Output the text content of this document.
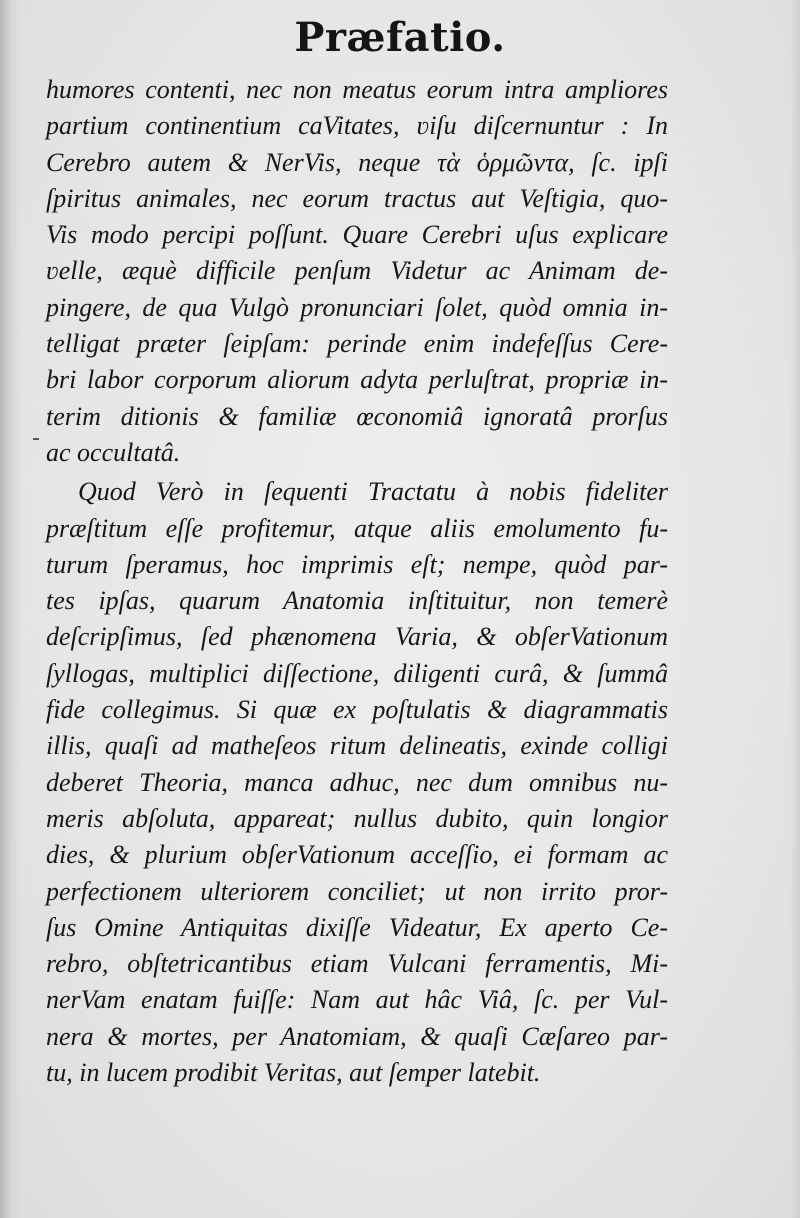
Præfatio.
humores contenti, nec non meatus eorum intra ampliores
partium continentium caVitates, ʋiſu diſcernuntur : In
Cerebro autem & NerVis, neque τὰ ὁρμῶντα, ſc. ipſi
ſpiritus animales, nec eorum tractus aut Veſtigia, quo-
Vis modo percipi poſſunt. Quare Cerebri uſus explicare
ʋelle, æquè difficile penſum Videtur ac Animam de-
pingere, de qua Vulgò pronunciari ſolet, quòd omnia in-
telligat præter ſeipſam: perinde enim indefeſſus Cere-
bri labor corporum aliorum adyta perluſtrat, propriæ in-
terim ditionis & familiæ œconomiâ ignoratâ prorſus
ac occultatâ.
Quod Verò in ſequenti Tractatu à nobis fideliter
præſtitum eſſe profitemur, atque aliis emolumento fu-
turum ſperamus, hoc imprimis eſt; nempe, quòd par-
tes ipſas, quarum Anatomia inſtituitur, non temerè
deſcripſimus, ſed phænomena Varia, & obſerVationum
ſyllogas, multiplici diſſectione, diligenti curâ, & ſummâ
fide collegimus. Si quæ ex poſtulatis & diagrammatis
illis, quaſi ad matheſeos ritum delineatis, exinde colligi
deberet Theoria, manca adhuc, nec dum omnibus nu-
meris abſoluta, appareat; nullus dubito, quin longior
dies, & plurium obſerVationum acceſſio, ei formam ac
perfectionem ulteriorem conciliet; ut non irrito pror-
ſus Omine Antiquitas dixiſſe Videatur, Ex aperto Ce-
rebro, obſtetricantibus etiam Vulcani ferramentis, Mi-
nerVam enatam fuiſſe: Nam aut hâc Viâ, ſc. per Vul-
nera & mortes, per Anatomiam, & quaſi Cæſareo par-
tu, in lucem prodibit Veritas, aut ſemper latebit.
